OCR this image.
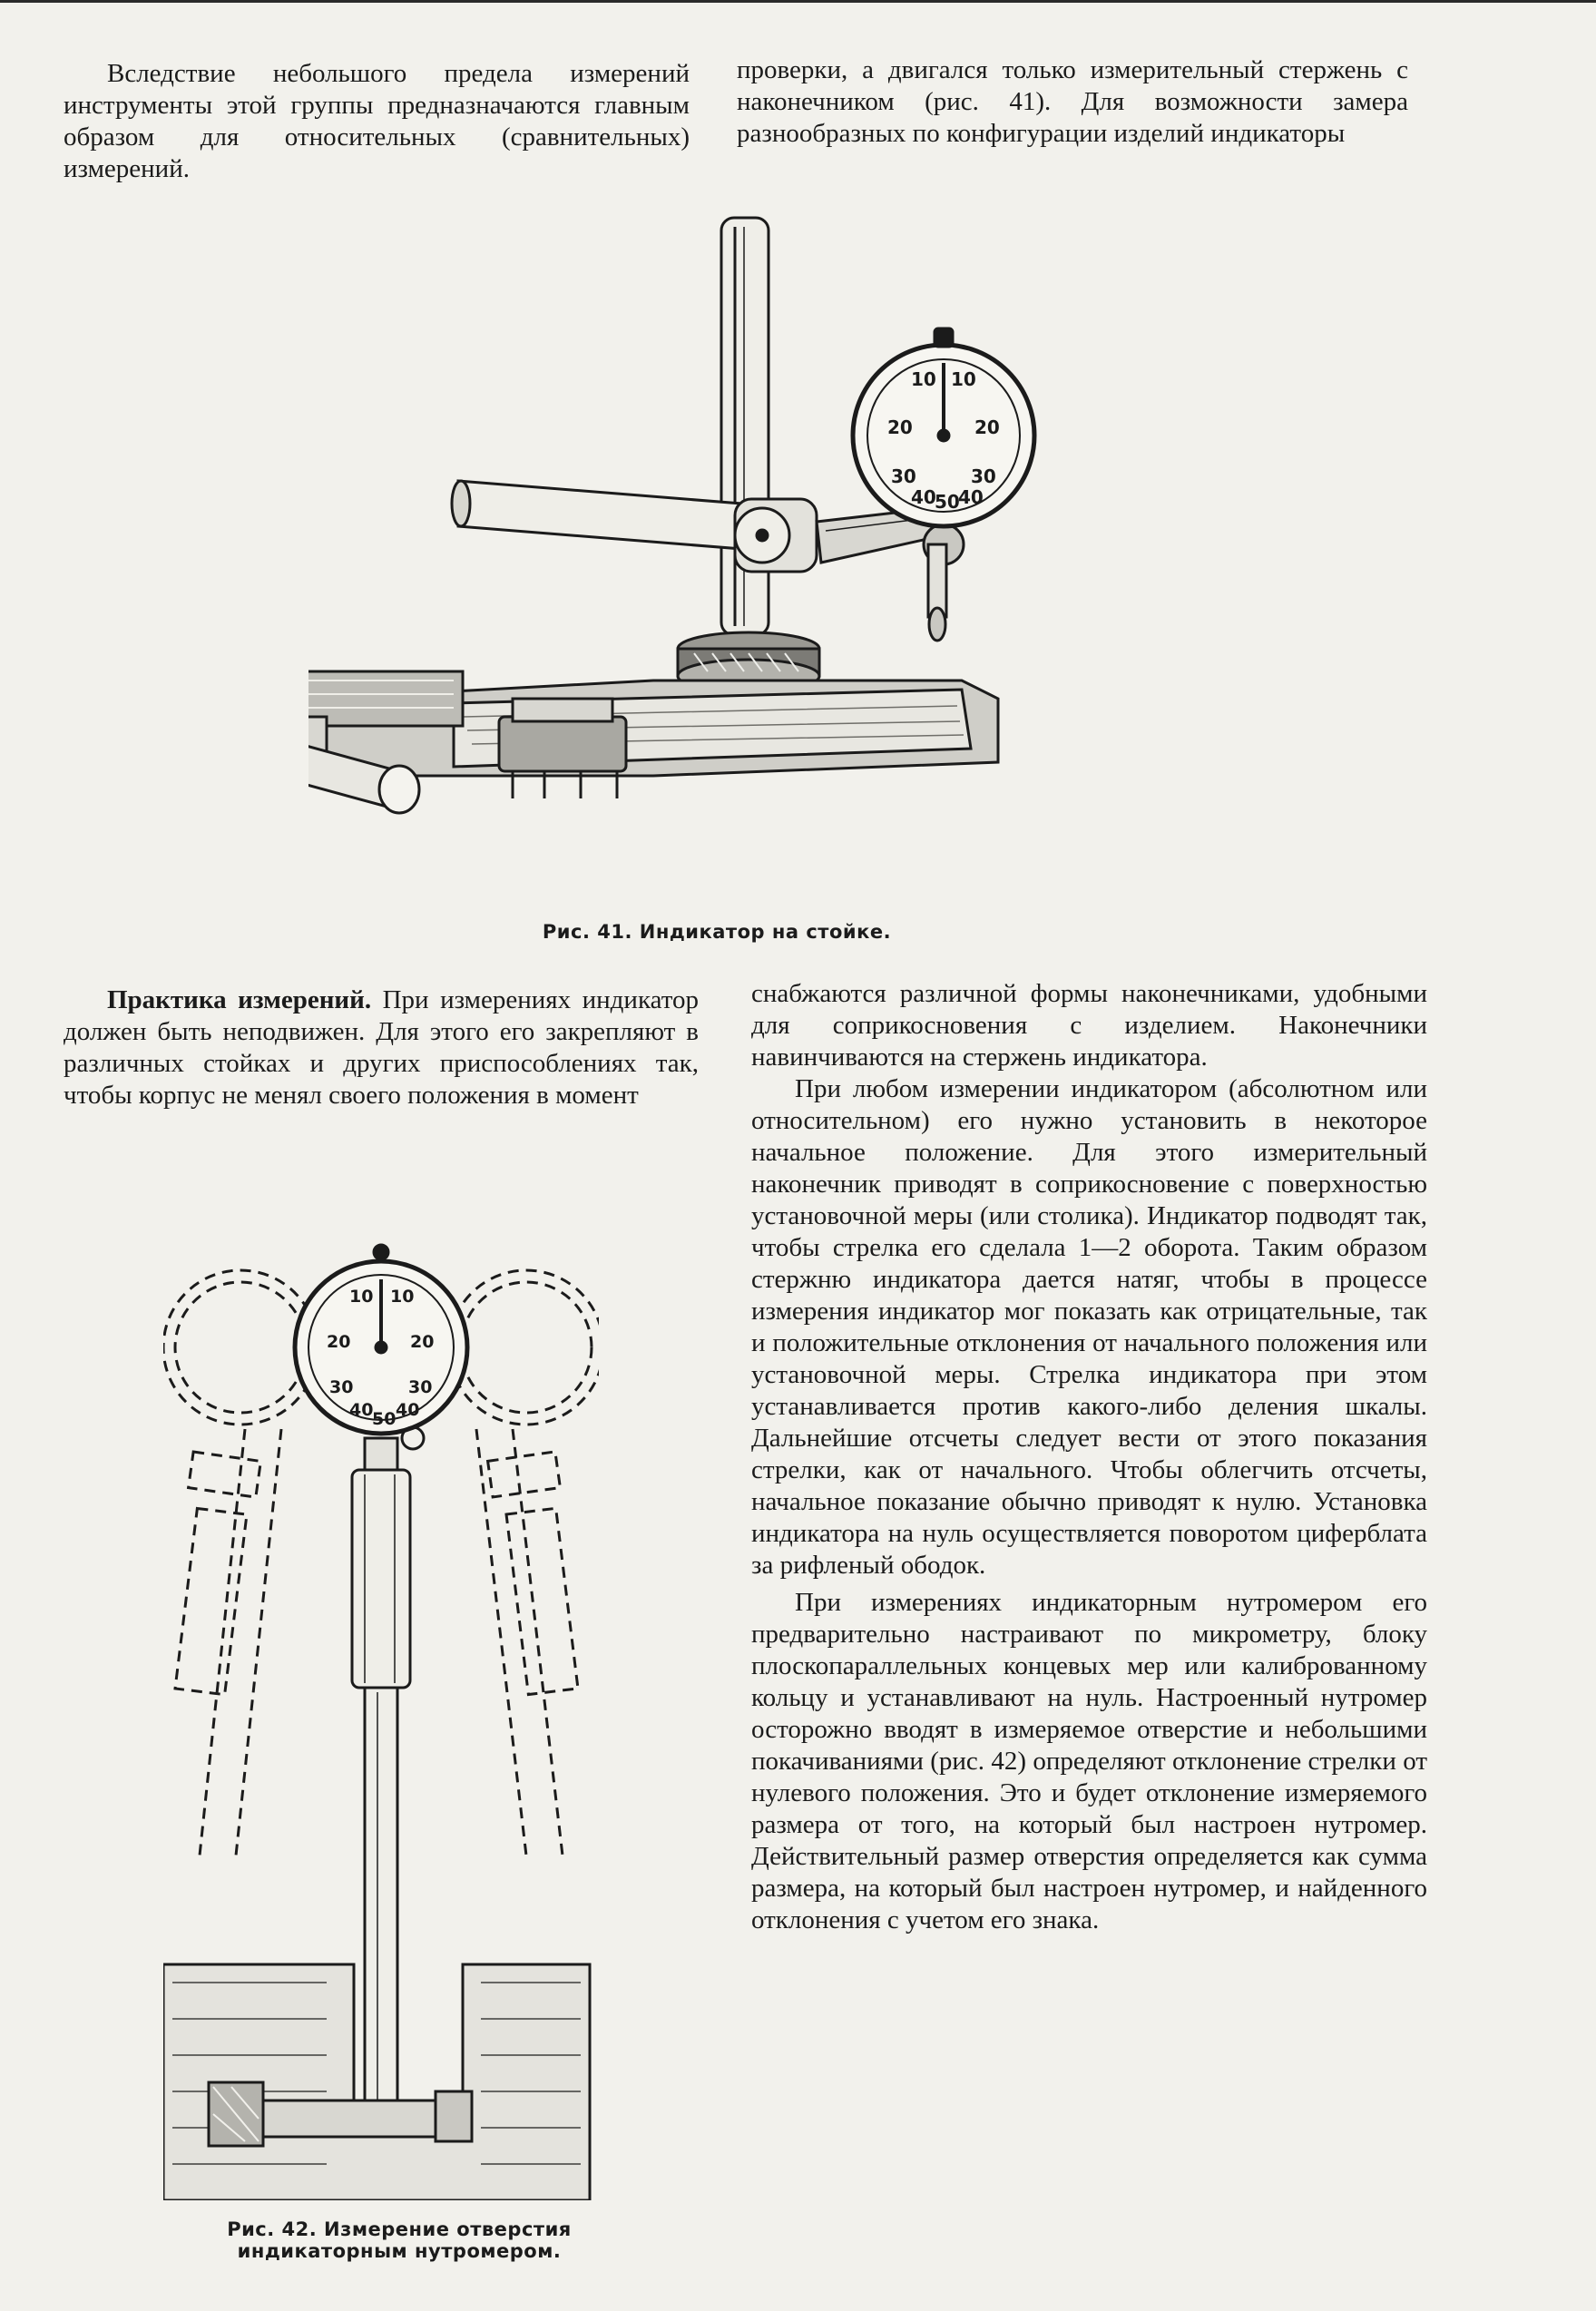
Вследствие небольшого предела измерений инструменты этой группы предназначаются главным образом для относительных (сравнительных) измерений.

проверки, а двигался только измерительный стержень с наконечником (рис. 41). Для возможности замера разнообразных по конфигурации изделий индикаторы

10 10
20	20
30	30
40
50
40
Рис. 41. Индикатор на стойке.

Практика измерений. При измерениях индикатор должен быть неподвижен. Для этого его закрепляют в различных стойках и других приспособлениях так, чтобы корпус не менял своего положения в момент

снабжаются различной формы наконечниками, удобными для соприкосновения с изделием. Наконечники навинчиваются на стержень индикатора.

При любом измерении индикатором (абсолютном или относительном) его нужно установить в некоторое начальное положение. Для этого измерительный наконечник приводят в соприкосновение с поверхностью установочной меры (или столика). Индикатор подводят так, чтобы стрелка его сделала 1—2 оборота. Таким образом стержню индикатора дается натяг, чтобы в процессе измерения индикатор мог показать как отрицательные, так и положительные отклонения от начального положения или установочной меры. Стрелка индикатора при этом устанавливается против какого-либо деления шкалы. Дальнейшие отсчеты следует вести от этого показания стрелки, как от начального. Чтобы облегчить отсчеты, начальное показание обычно приводят к нулю. Установка индикатора на нуль осуществляется поворотом циферблата за рифленый ободок.

При измерениях индикаторным нутромером его предварительно настраивают по микрометру, блоку плоскопараллельных концевых мер или калиброванному кольцу и устанавливают на нуль. Настроенный нутромер осторожно вводят в измеряемое отверстие и небольшими покачиваниями (рис. 42) определяют отклонение стрелки от нулевого положения. Это и будет отклонение измеряемого размера от того, на который был настроен нутромер. Действительный размер отверстия определяется как сумма размера, на который был настроен нутромер, и найденного отклонения с учетом его знака.

10 10
20	20
30	30
40
50 40
Рис. 42. Измерение отверстия
индикаторным нутромером.
